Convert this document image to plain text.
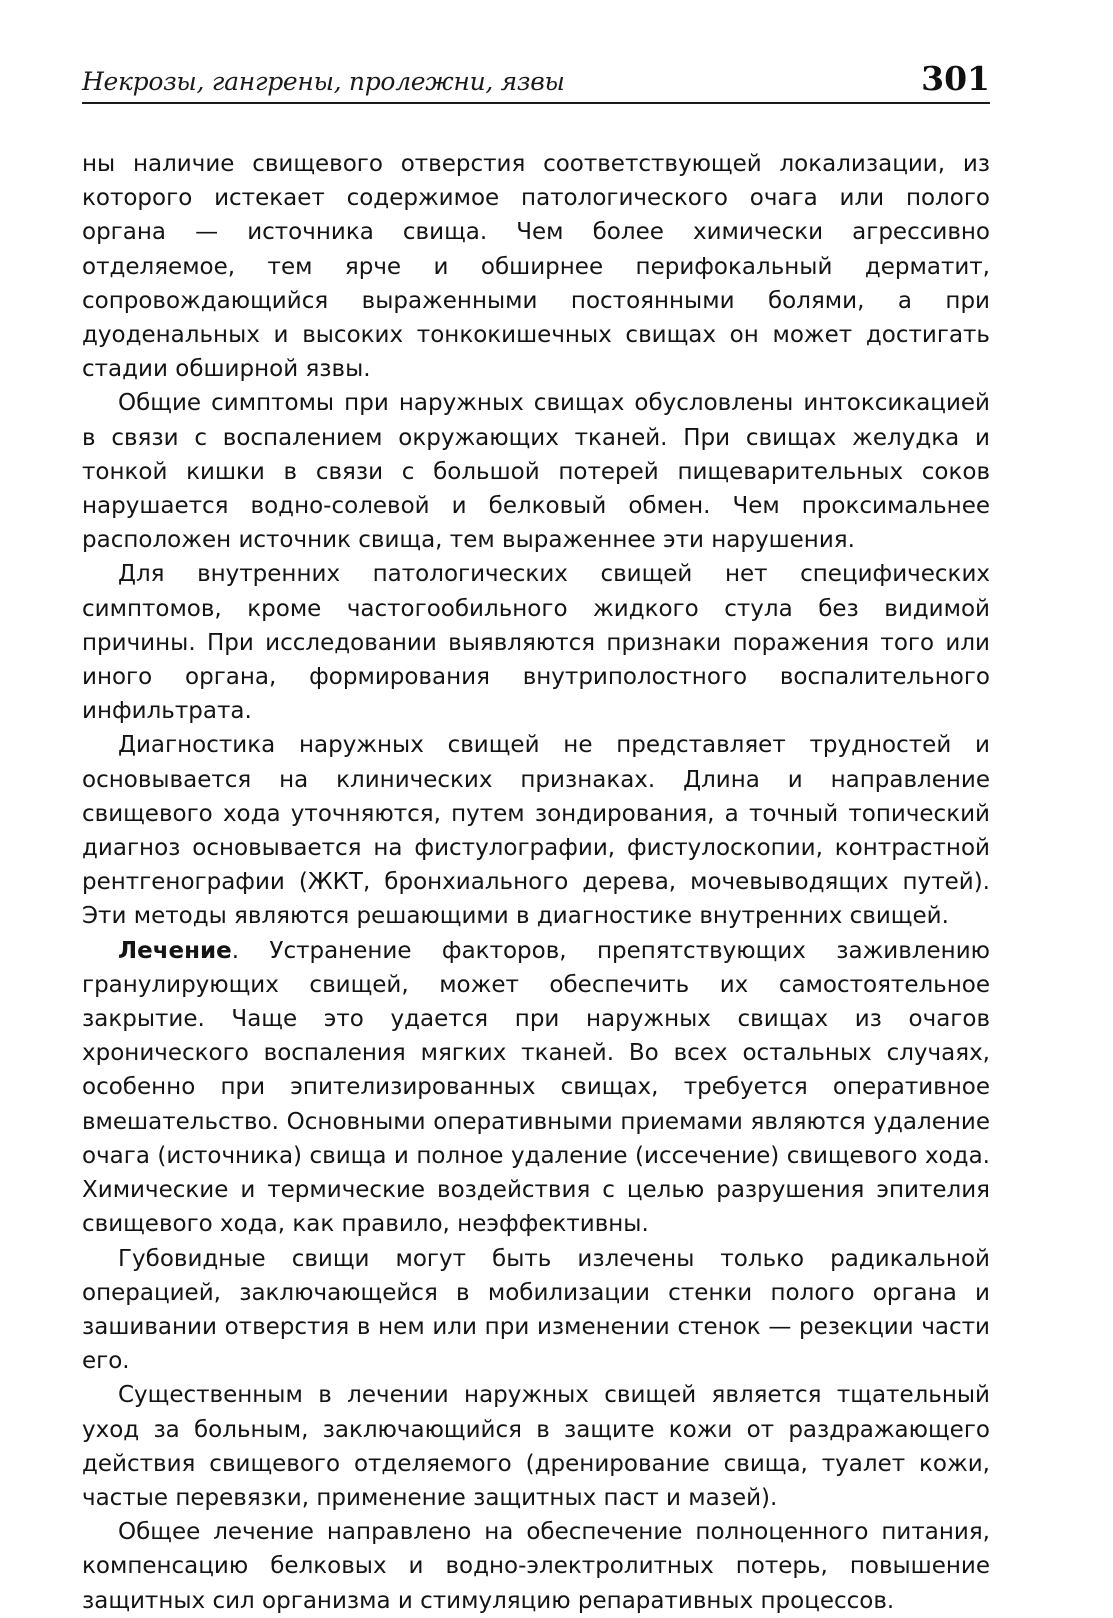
Некрозы, гангрены, пролежни, язвы	301

ны наличие свищевого отверстия соответствующей локализации, из которого истекает содержимое патологического очага или полого органа — источника свища. Чем более химически агрессивно отделяемое, тем ярче и обширнее перифокальный дерматит, сопровождающийся выраженными постоянными болями, а при дуоденальных и высоких тонкокишечных свищах он может достигать стадии обширной язвы.

Общие симптомы при наружных свищах обусловлены интоксикацией в связи с воспалением окружающих тканей. При свищах желудка и тонкой кишки в связи с большой потерей пищеварительных соков нарушается водно-солевой и белковый обмен. Чем проксимальнее расположен источник свища, тем выраженнее эти нарушения.

Для внутренних патологических свищей нет специфических симптомов, кроме частогообильного жидкого стула без видимой причины. При исследовании выявляются признаки поражения того или иного органа, формирования внутриполостного воспалительного инфильтрата.

Диагностика наружных свищей не представляет трудностей и основывается на клинических признаках. Длина и направление свищевого хода уточняются, путем зондирования, а точный топический диагноз основывается на фистулографии, фистулоскопии, контрастной рентгенографии (ЖКТ, бронхиального дерева, мочевыводящих путей). Эти методы являются решающими в диагностике внутренних свищей.

Лечение. Устранение факторов, препятствующих заживлению гранулирующих свищей, может обеспечить их самостоятельное закрытие. Чаще это удается при наружных свищах из очагов хронического воспаления мягких тканей. Во всех остальных случаях, особенно при эпителизированных свищах, требуется оперативное вмешательство. Основными оперативными приемами являются удаление очага (источника) свища и полное удаление (иссечение) свищевого хода. Химические и термические воздействия с целью разрушения эпителия свищевого хода, как правило, неэффективны.

Губовидные свищи могут быть излечены только радикальной операцией, заключающейся в мобилизации стенки полого органа и зашивании отверстия в нем или при изменении стенок — резекции части его.

Существенным в лечении наружных свищей является тщательный уход за больным, заключающийся в защите кожи от раздражающего действия свищевого отделяемого (дренирование свища, туалет кожи, частые перевязки, применение защитных паст и мазей).

Общее лечение направлено на обеспечение полноценного питания, компенсацию белковых и водно-электролитных потерь, повышение защитных сил организма и стимуляцию репаративных процессов.
